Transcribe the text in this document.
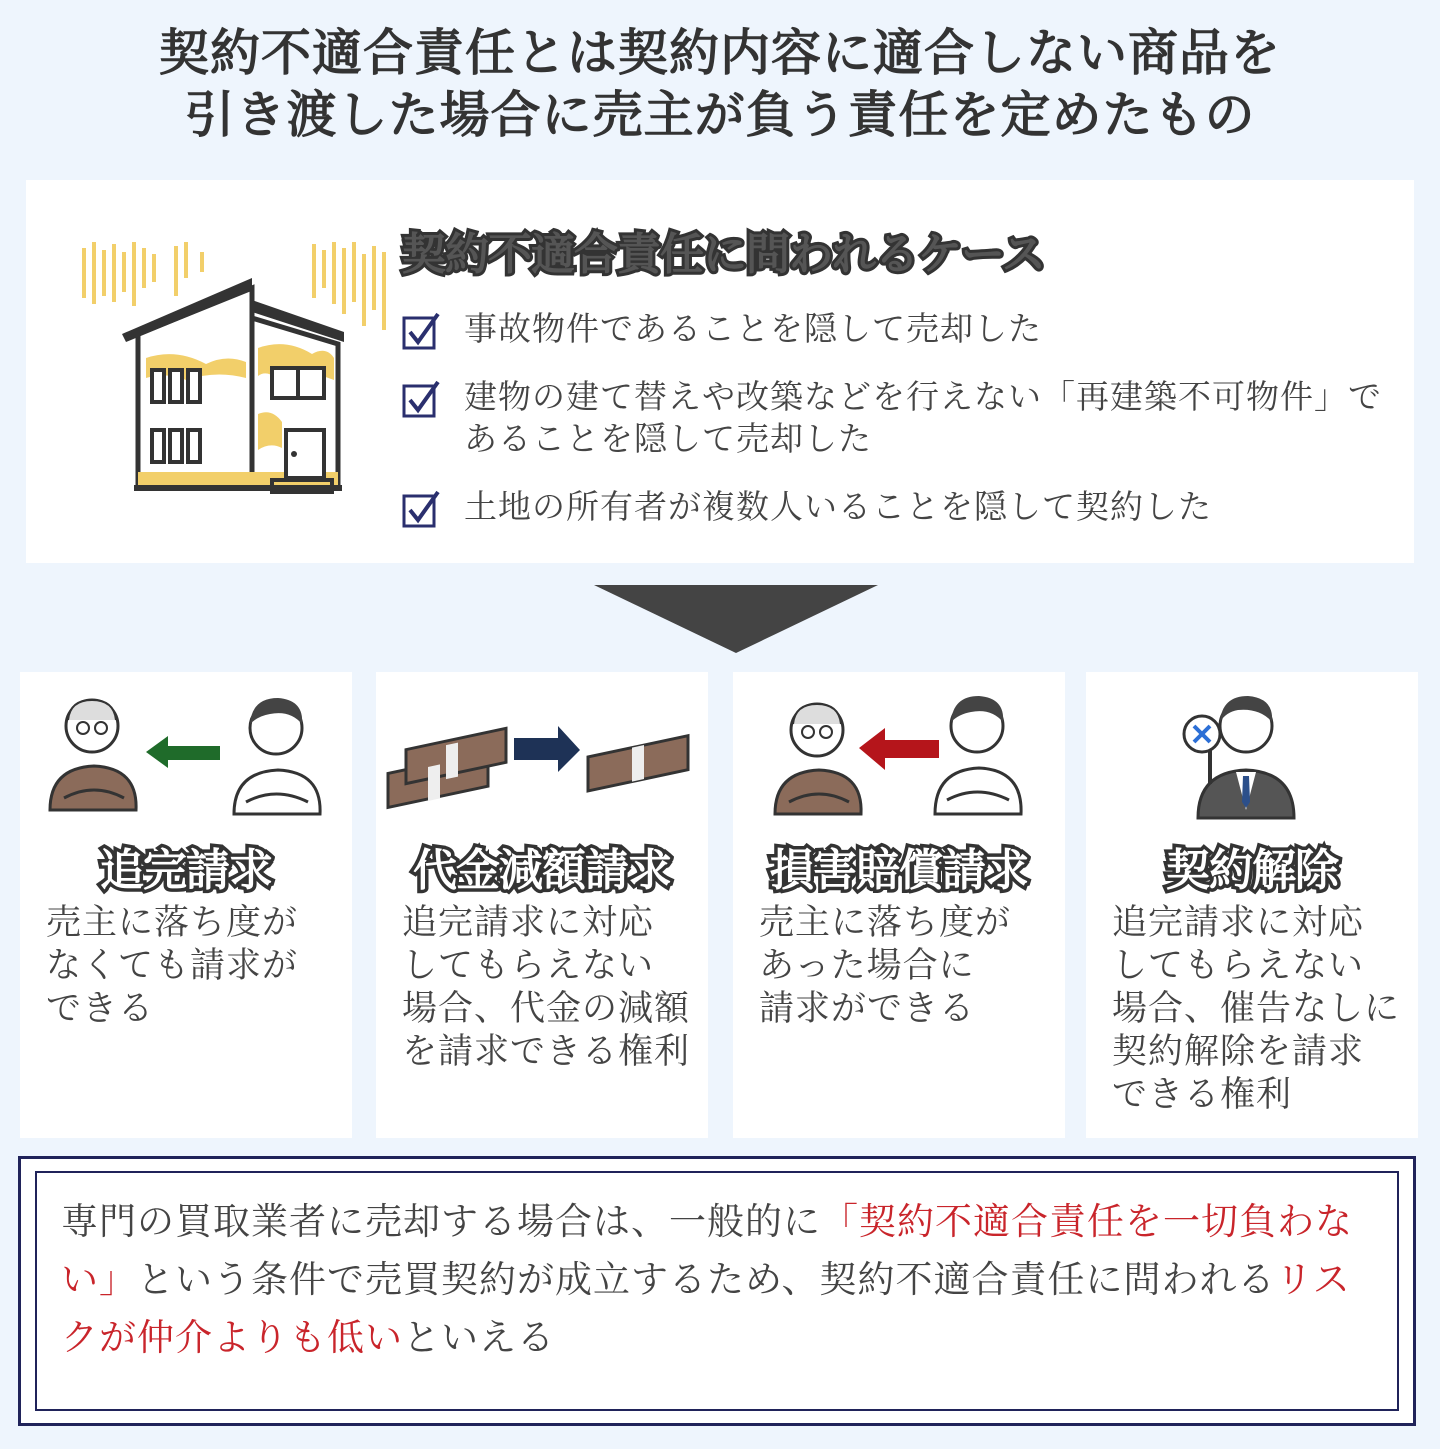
契約不適合責任とは契約内容に適合しない商品を
引き渡した場合に売主が負う責任を定めたもの
契約不適合責任に問われるケース
事故物件であることを隠して売却した
建物の建て替えや改築などを行えない「再建築不可物件」であることを隠して売却した
土地の所有者が複数人いることを隠して契約した
追完請求
売主に落ち度が
なくても請求が
できる
代金減額請求
追完請求に対応
してもらえない
場合、代金の減額
を請求できる権利
損害賠償請求
売主に落ち度が
あった場合に
請求ができる
契約解除
追完請求に対応
してもらえない
場合、催告なしに
契約解除を請求
できる権利
専門の買取業者に売却する場合は、一般的に「契約不適合責任を一切負わない」という条件で売買契約が成立するため、契約不適合責任に問われるリスクが仲介よりも低いといえる
